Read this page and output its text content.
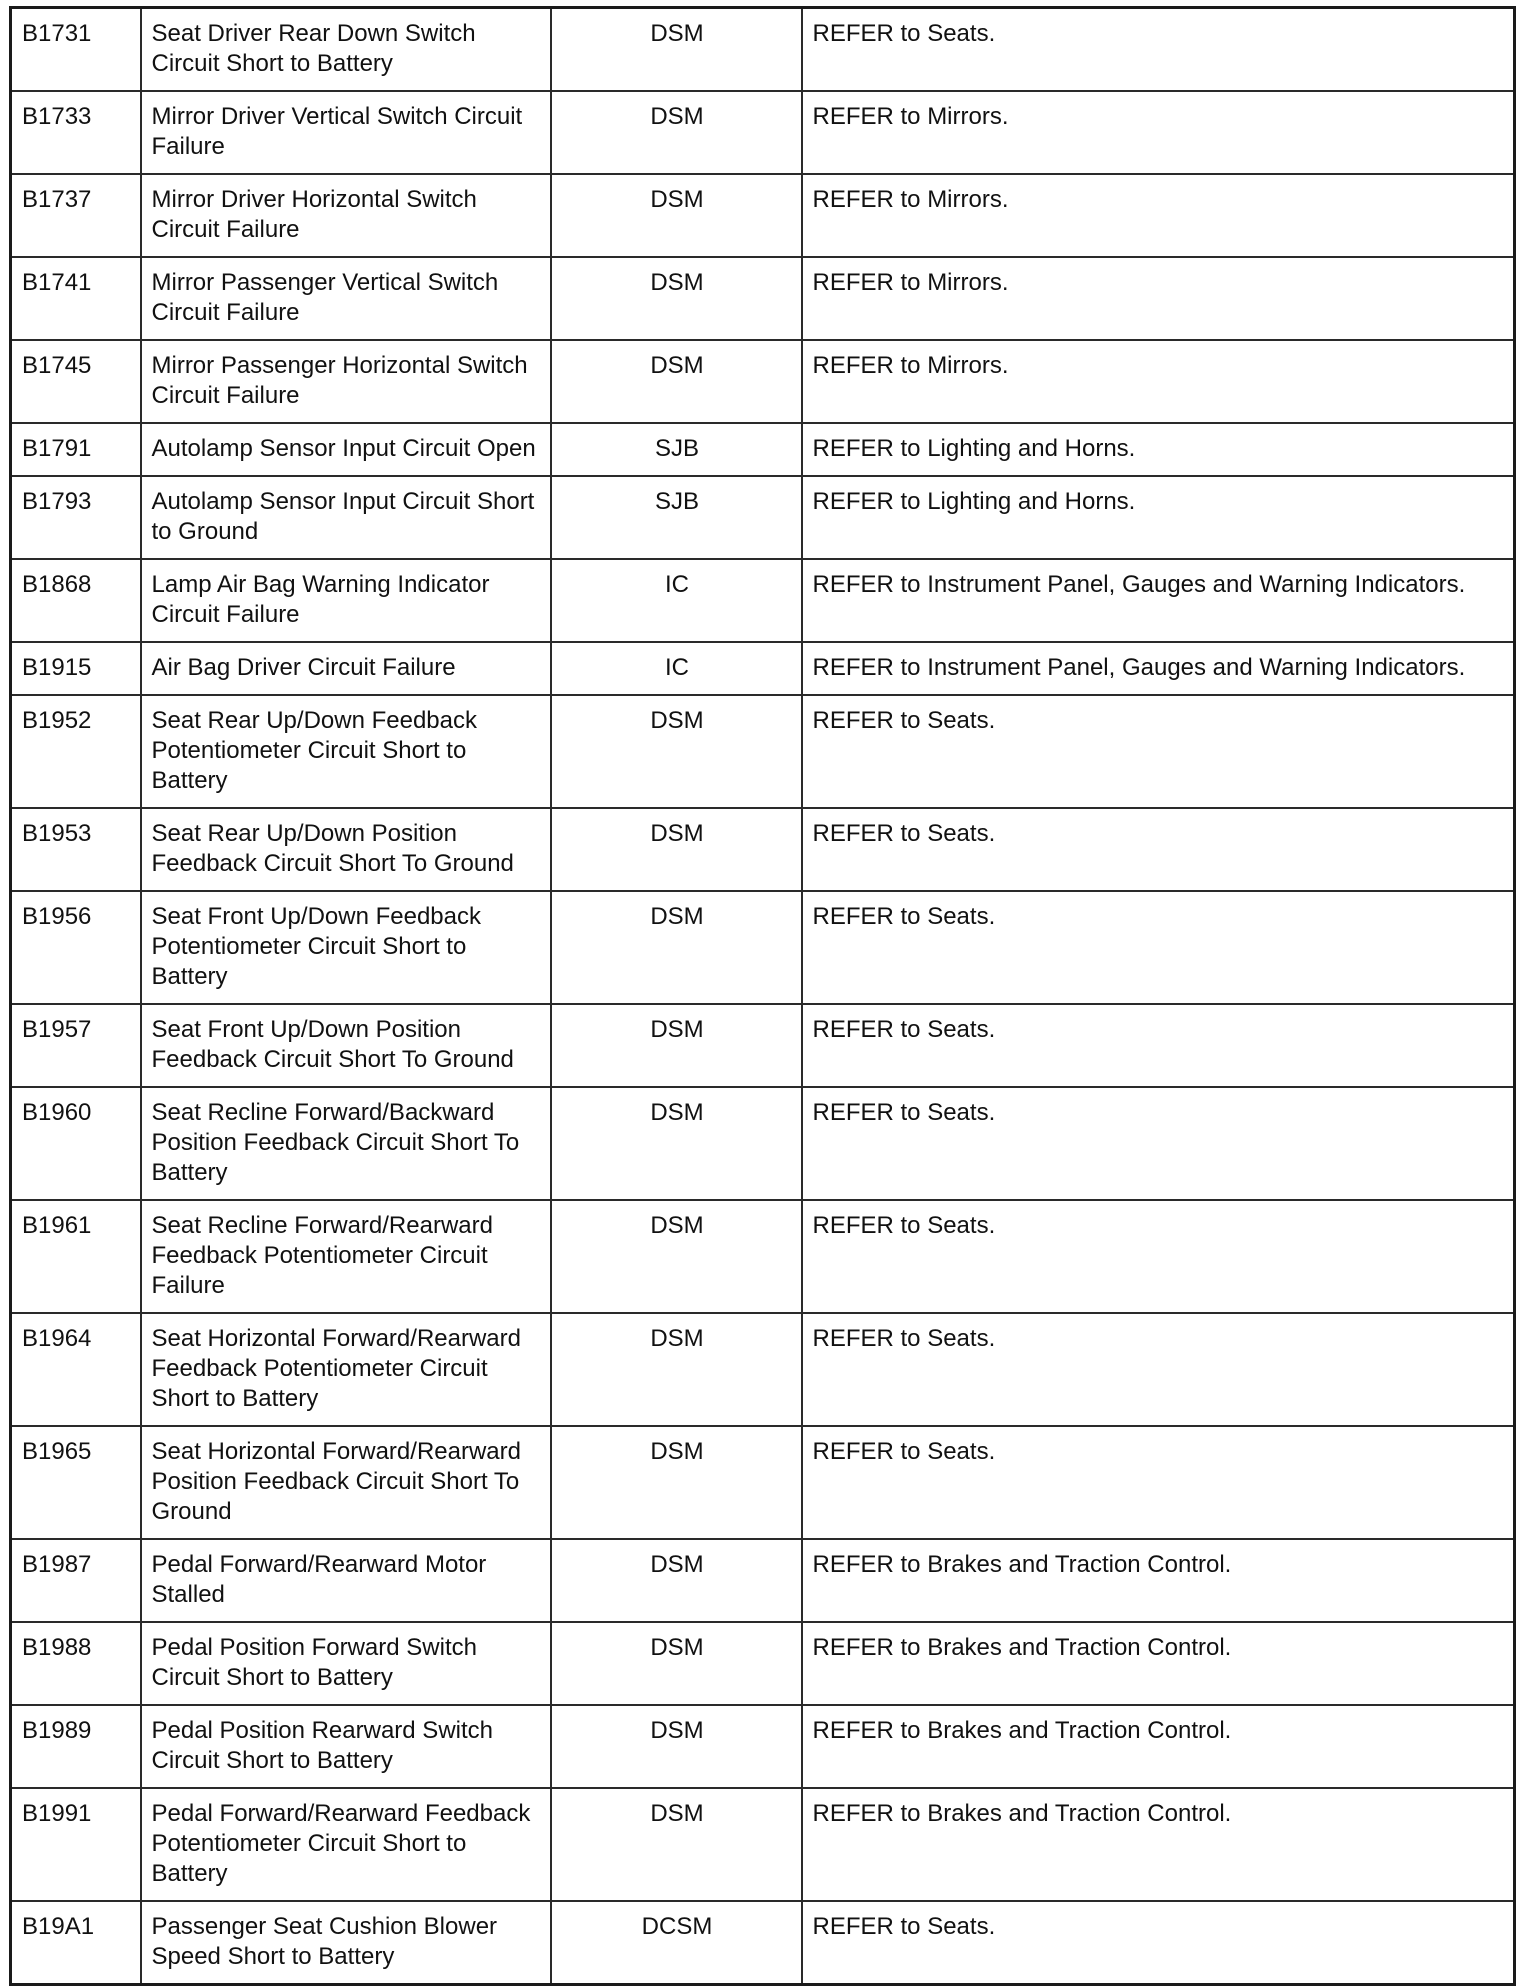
B1731	Seat Driver Rear Down Switch Circuit Short to Battery	DSM	REFER to Seats.
B1733	Mirror Driver Vertical Switch Circuit Failure	DSM	REFER to Mirrors.
B1737	Mirror Driver Horizontal Switch Circuit Failure	DSM	REFER to Mirrors.
B1741	Mirror Passenger Vertical Switch Circuit Failure	DSM	REFER to Mirrors.
B1745	Mirror Passenger Horizontal Switch Circuit Failure	DSM	REFER to Mirrors.
B1791	Autolamp Sensor Input Circuit Open	SJB	REFER to Lighting and Horns.
B1793	Autolamp Sensor Input Circuit Short to Ground	SJB	REFER to Lighting and Horns.
B1868	Lamp Air Bag Warning Indicator Circuit Failure	IC	REFER to Instrument Panel, Gauges and Warning Indicators.
B1915	Air Bag Driver Circuit Failure	IC	REFER to Instrument Panel, Gauges and Warning Indicators.
B1952	Seat Rear Up/Down Feedback Potentiometer Circuit Short to Battery	DSM	REFER to Seats.
B1953	Seat Rear Up/Down Position Feedback Circuit Short To Ground	DSM	REFER to Seats.
B1956	Seat Front Up/Down Feedback Potentiometer Circuit Short to Battery	DSM	REFER to Seats.
B1957	Seat Front Up/Down Position Feedback Circuit Short To Ground	DSM	REFER to Seats.
B1960	Seat Recline Forward/Backward Position Feedback Circuit Short To Battery	DSM	REFER to Seats.
B1961	Seat Recline Forward/Rearward Feedback Potentiometer Circuit Failure	DSM	REFER to Seats.
B1964	Seat Horizontal Forward/Rearward Feedback Potentiometer Circuit Short to Battery	DSM	REFER to Seats.
B1965	Seat Horizontal Forward/Rearward Position Feedback Circuit Short To Ground	DSM	REFER to Seats.
B1987	Pedal Forward/Rearward Motor Stalled	DSM	REFER to Brakes and Traction Control.
B1988	Pedal Position Forward Switch Circuit Short to Battery	DSM	REFER to Brakes and Traction Control.
B1989	Pedal Position Rearward Switch Circuit Short to Battery	DSM	REFER to Brakes and Traction Control.
B1991	Pedal Forward/Rearward Feedback Potentiometer Circuit Short to Battery	DSM	REFER to Brakes and Traction Control.
B19A1	Passenger Seat Cushion Blower Speed Short to Battery	DCSM	REFER to Seats.
